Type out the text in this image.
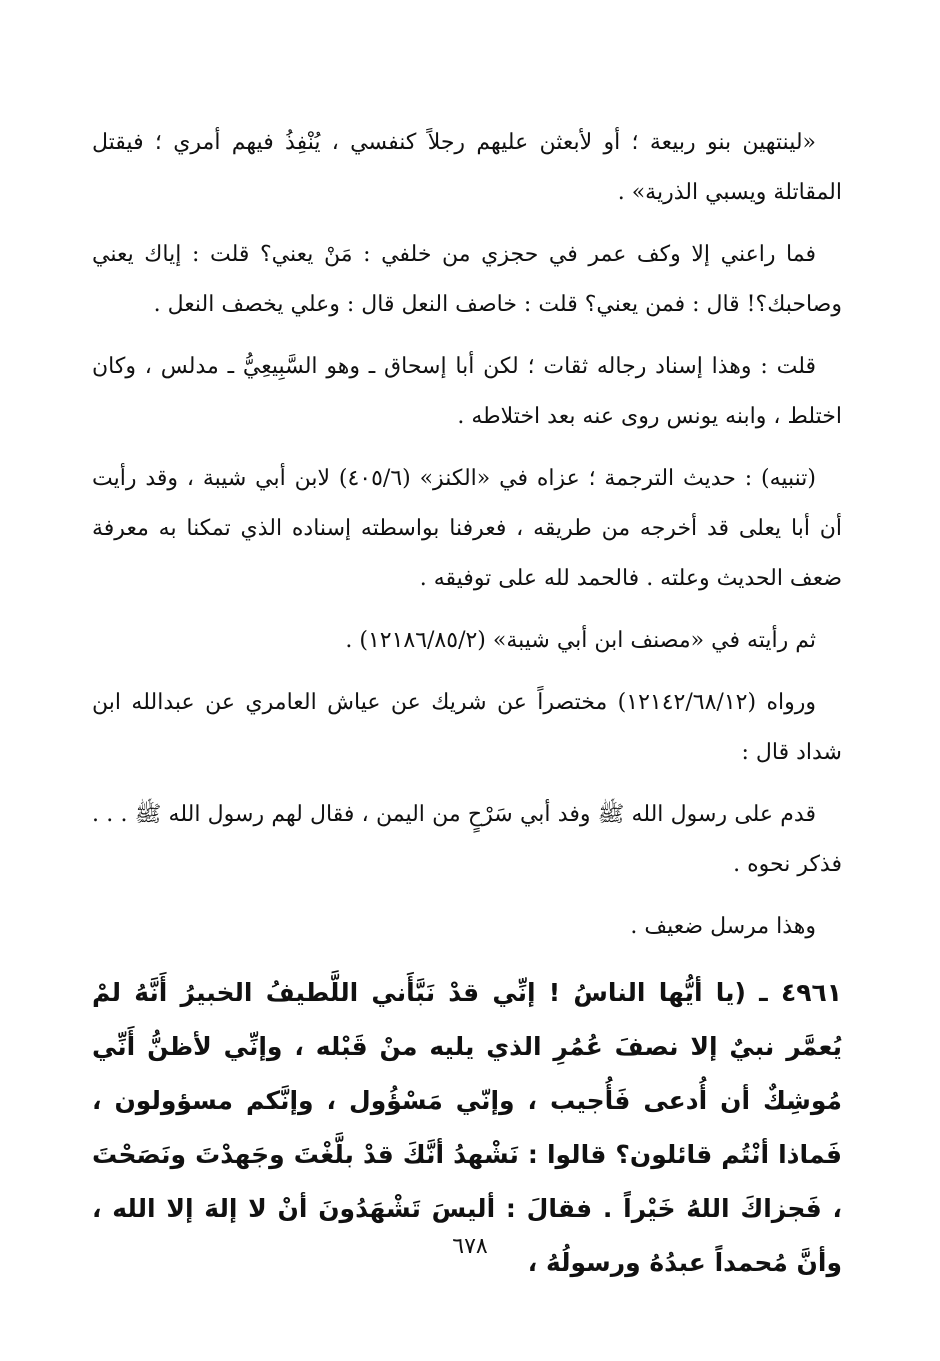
«لينتهين بنو ربيعة ؛ أو لأبعثن عليهم رجلاً كنفسي ، يُنْفِذُ فيهم أمري ؛ فيقتل المقاتلة ويسبي الذرية» .

فما راعني إلا وكف عمر في حجزي من خلفي : مَنْ يعني؟ قلت : إياك يعني وصاحبك؟! قال : فمن يعني؟ قلت : خاصف النعل قال : وعلي يخصف النعل .

قلت : وهذا إسناد رجاله ثقات ؛ لكن أبا إسحاق ـ وهو السَّبِيعِيُّ ـ مدلس ، وكان اختلط ، وابنه يونس روى عنه بعد اختلاطه .

(تنبيه) : حديث الترجمة ؛ عزاه في «الكنز» (٤٠٥/٦) لابن أبي شيبة ، وقد رأيت أن أبا يعلى قد أخرجه من طريقه ، فعرفنا بواسطته إسناده الذي تمكنا به معرفة ضعف الحديث وعلته . فالحمد لله على توفيقه .

ثم رأيته في «مصنف ابن أبي شيبة» (١٢١٨٦/٨٥/٢) .

ورواه (١٢١٤٢/٦٨/١٢) مختصراً عن شريك عن عياش العامري عن عبدالله ابن شداد قال :

قدم على رسول الله ﷺ وفد أبي سَرْحٍ من اليمن ، فقال لهم رسول الله ﷺ . . . فذكر نحوه .

وهذا مرسل ضعيف .

٤٩٦١ ـ (يا أيُّها الناسُ ! إنِّي قدْ نَبَّأَني اللَّطيفُ الخبيرُ أَنَّهُ لمْ يُعمَّر نبيٌ إلا نصفَ عُمُرِ الذي يليه منْ قَبْله ، وإنِّي لأظنُّ أَنِّي مُوشِكٌ أن أُدعى فَأُجيب ، وإنّي مَسْؤُول ، وإنَّكم مسؤولون ، فَماذا أنْتُم قائلون؟ قالوا : نَشْهدُ أنَّكَ قدْ بلَّغْتَ وجَهدْتَ ونَصَحْتَ ، فَجزاكَ اللهُ خَيْراً . فقالَ : أليسَ تَشْهَدُونَ أنْ لا إلهَ إلا الله ، وأنَّ مُحمداً عبدُهُ ورسولُهُ ،

٦٧٨
